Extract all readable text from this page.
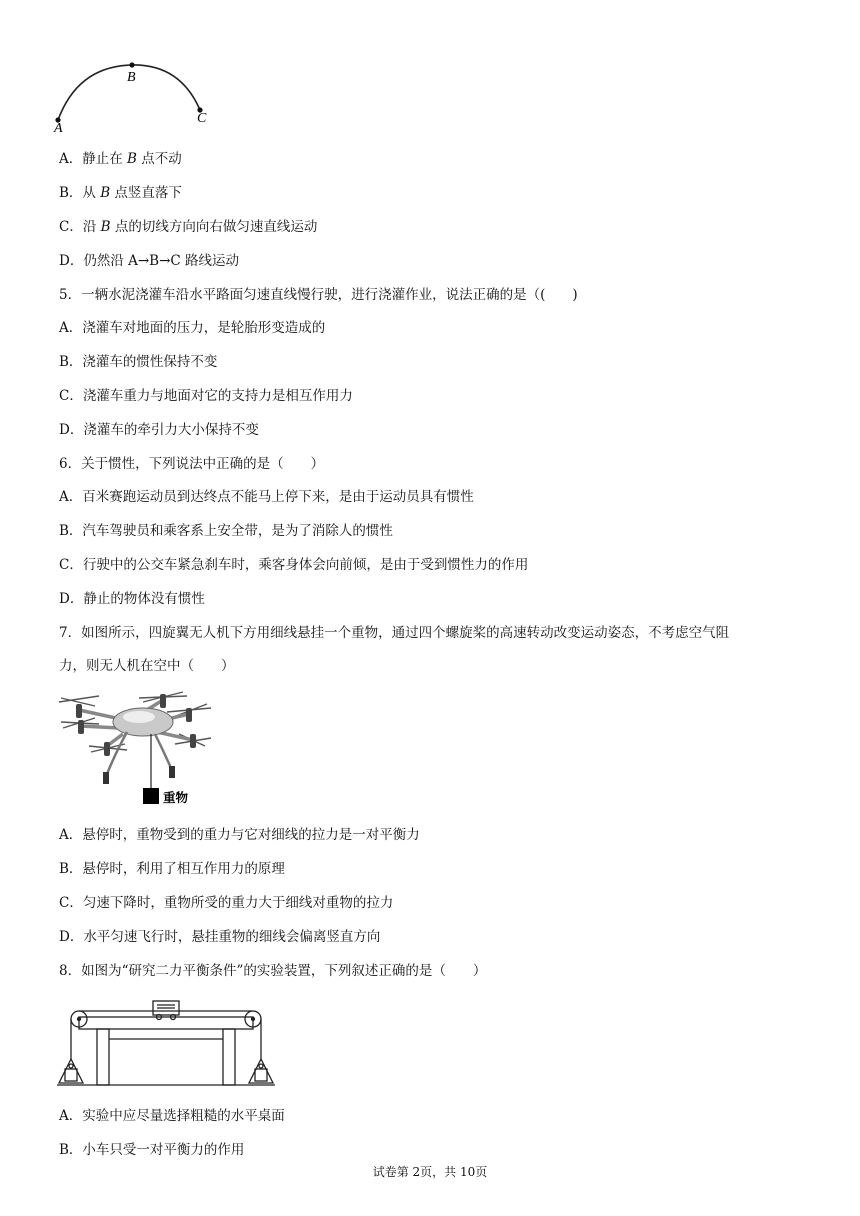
A
B
C
A．静止在 B 点不动
B．从 B 点竖直落下
C．沿 B 点的切线方向向右做匀速直线运动
D．仍然沿 A→B→C 路线运动
5．一辆水泥浇灌车沿水平路面匀速直线慢行驶，进行浇灌作业，说法正确的是（(　　)
A．浇灌车对地面的压力，是轮胎形变造成的
B．浇灌车的惯性保持不变
C．浇灌车重力与地面对它的支持力是相互作用力
D．浇灌车的牵引力大小保持不变
6．关于惯性，下列说法中正确的是（　　）
A．百米赛跑运动员到达终点不能马上停下来，是由于运动员具有惯性
B．汽车驾驶员和乘客系上安全带，是为了消除人的惯性
C．行驶中的公交车紧急刹车时，乘客身体会向前倾，是由于受到惯性力的作用
D．静止的物体没有惯性
7．如图所示，四旋翼无人机下方用细线悬挂一个重物，通过四个螺旋桨的高速转动改变运动姿态，不考虑空气阻
力，则无人机在空中（　　）
重物
A．悬停时，重物受到的重力与它对细线的拉力是一对平衡力
B．悬停时，利用了相互作用力的原理
C．匀速下降时，重物所受的重力大于细线对重物的拉力
D．水平匀速飞行时，悬挂重物的细线会偏离竖直方向
8．如图为“研究二力平衡条件”的实验装置，下列叙述正确的是（　　）
A．实验中应尽量选择粗糙的水平桌面
B．小车只受一对平衡力的作用
试卷第 2页，共 10页
